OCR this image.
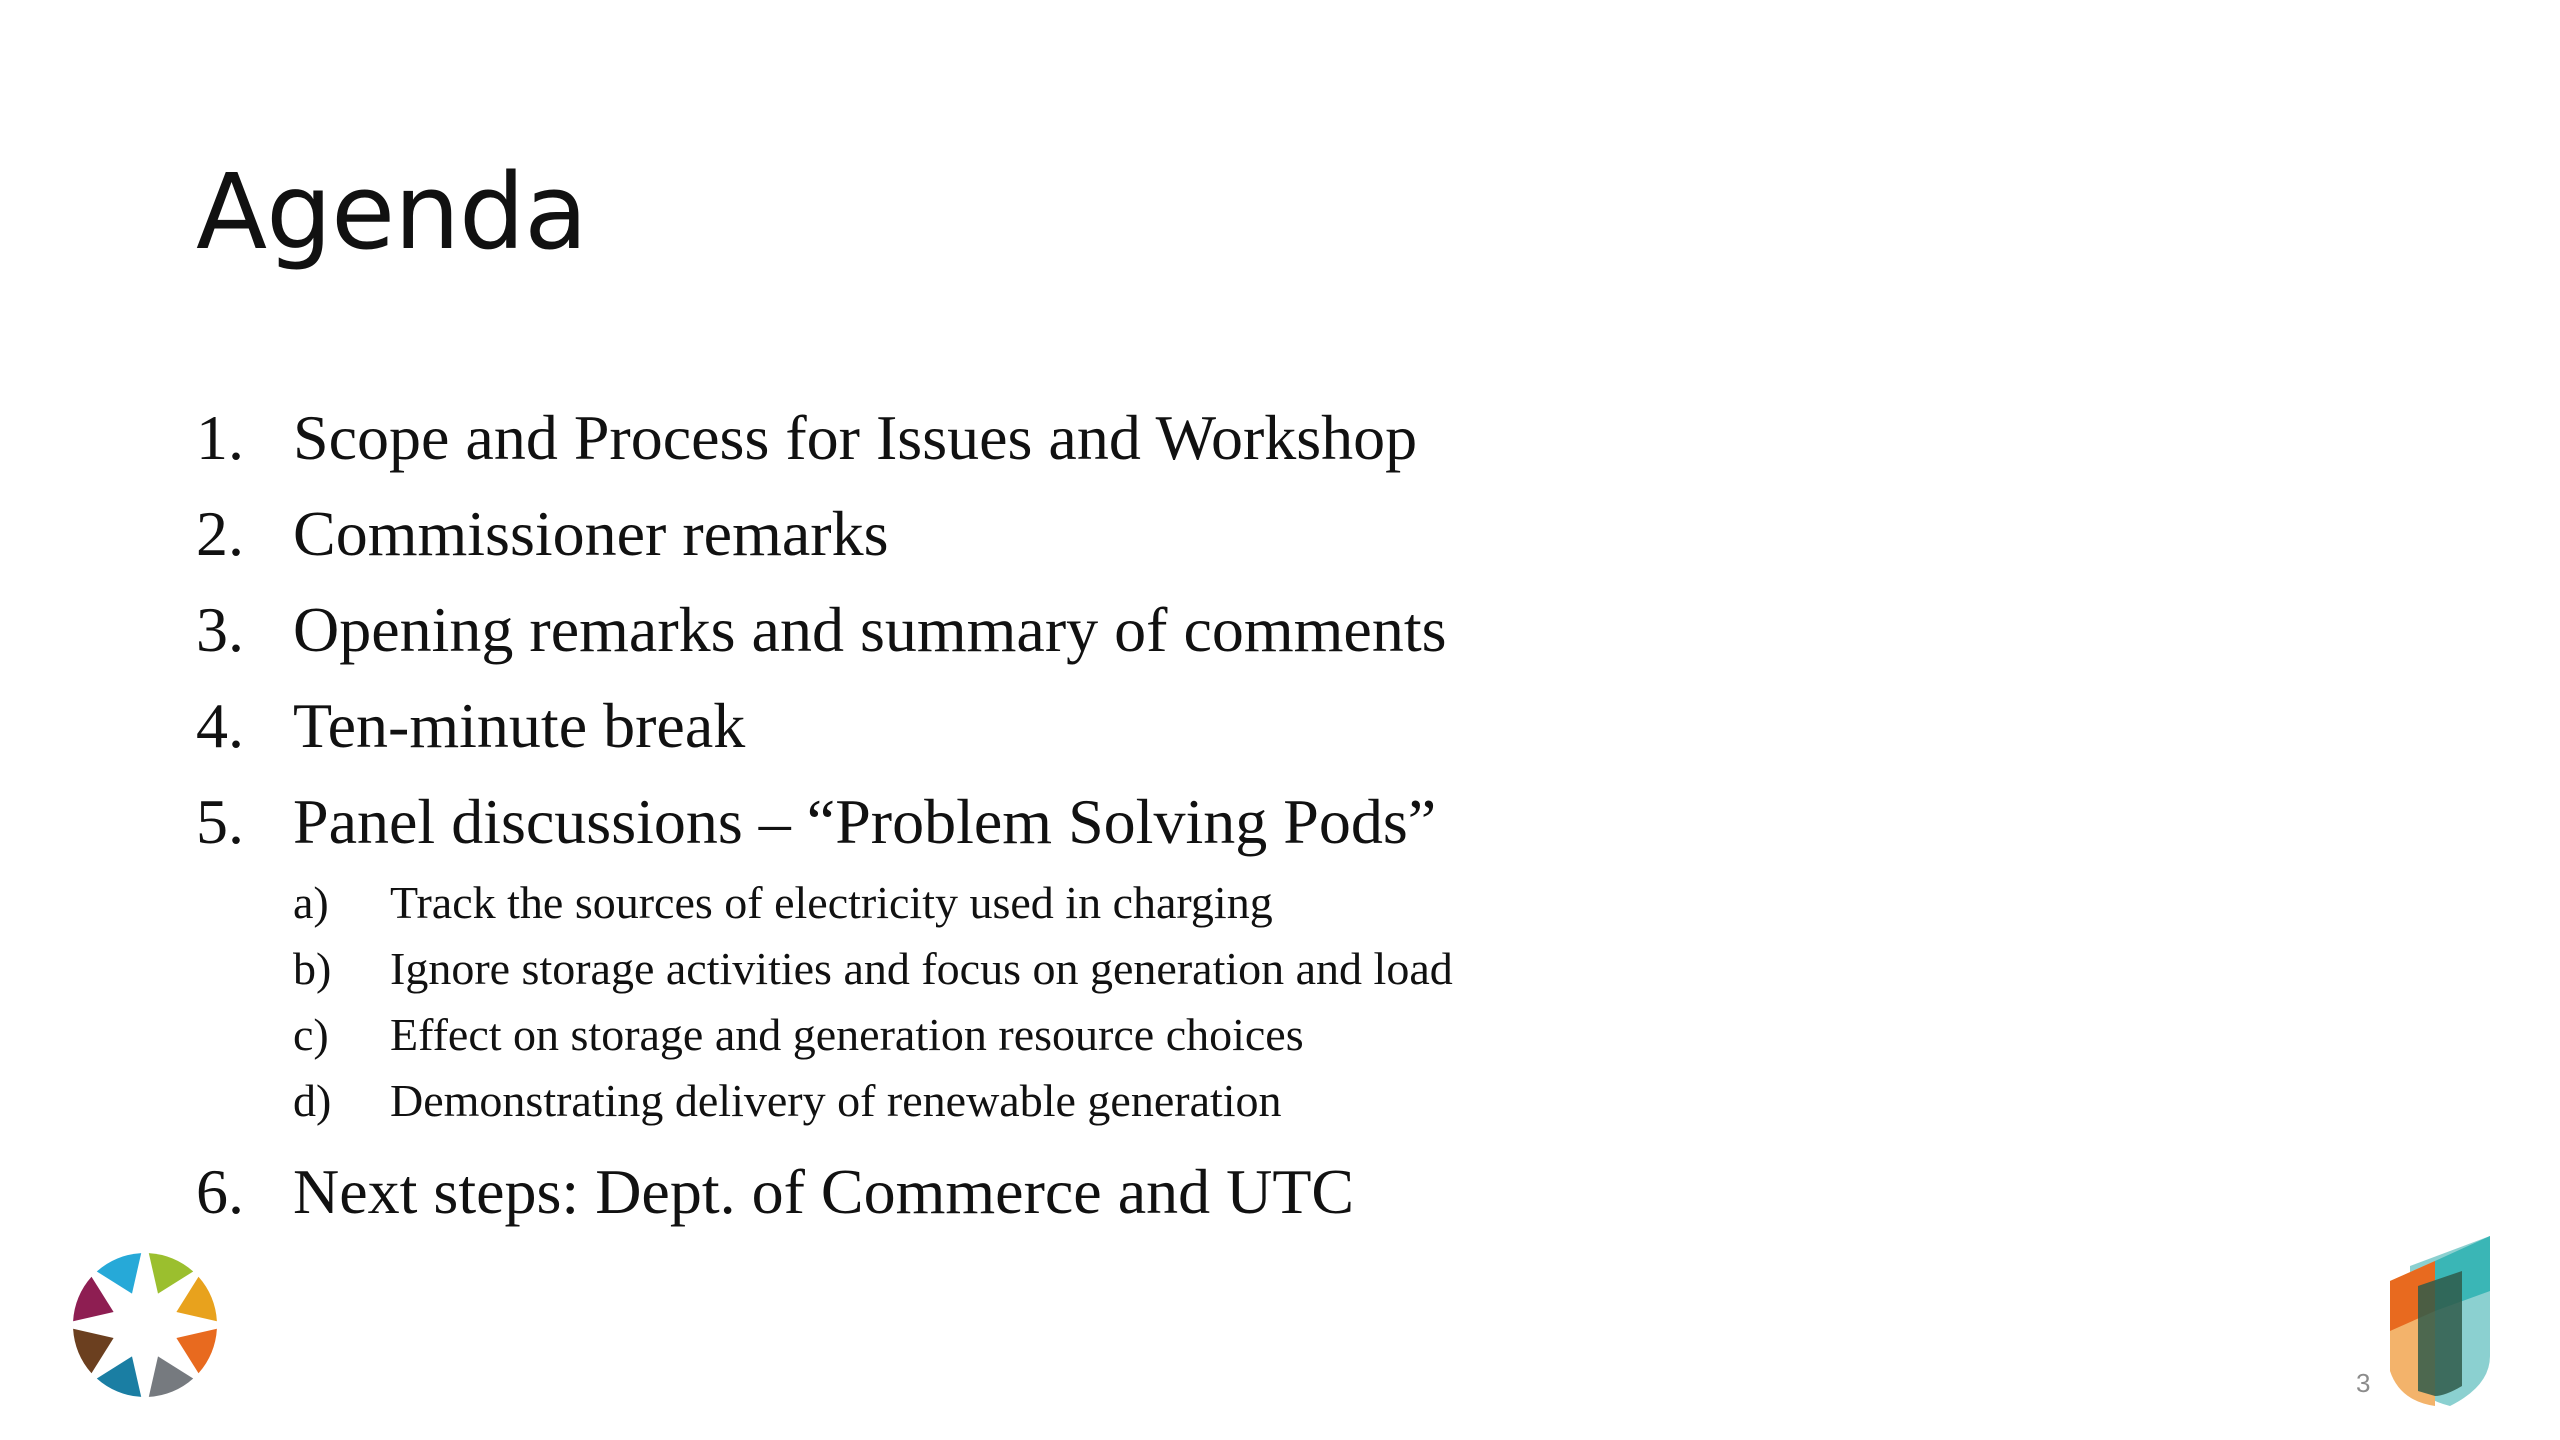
Agenda
1. Scope and Process for Issues and Workshop
2. Commissioner remarks
3. Opening remarks and summary of comments
4. Ten-minute break
5. Panel discussions – “Problem Solving Pods”
a) Track the sources of electricity used in charging
b) Ignore storage activities and focus on generation and load
c) Effect on storage and generation resource choices
d) Demonstrating delivery of renewable generation
6. Next steps: Dept. of Commerce and UTC
3
